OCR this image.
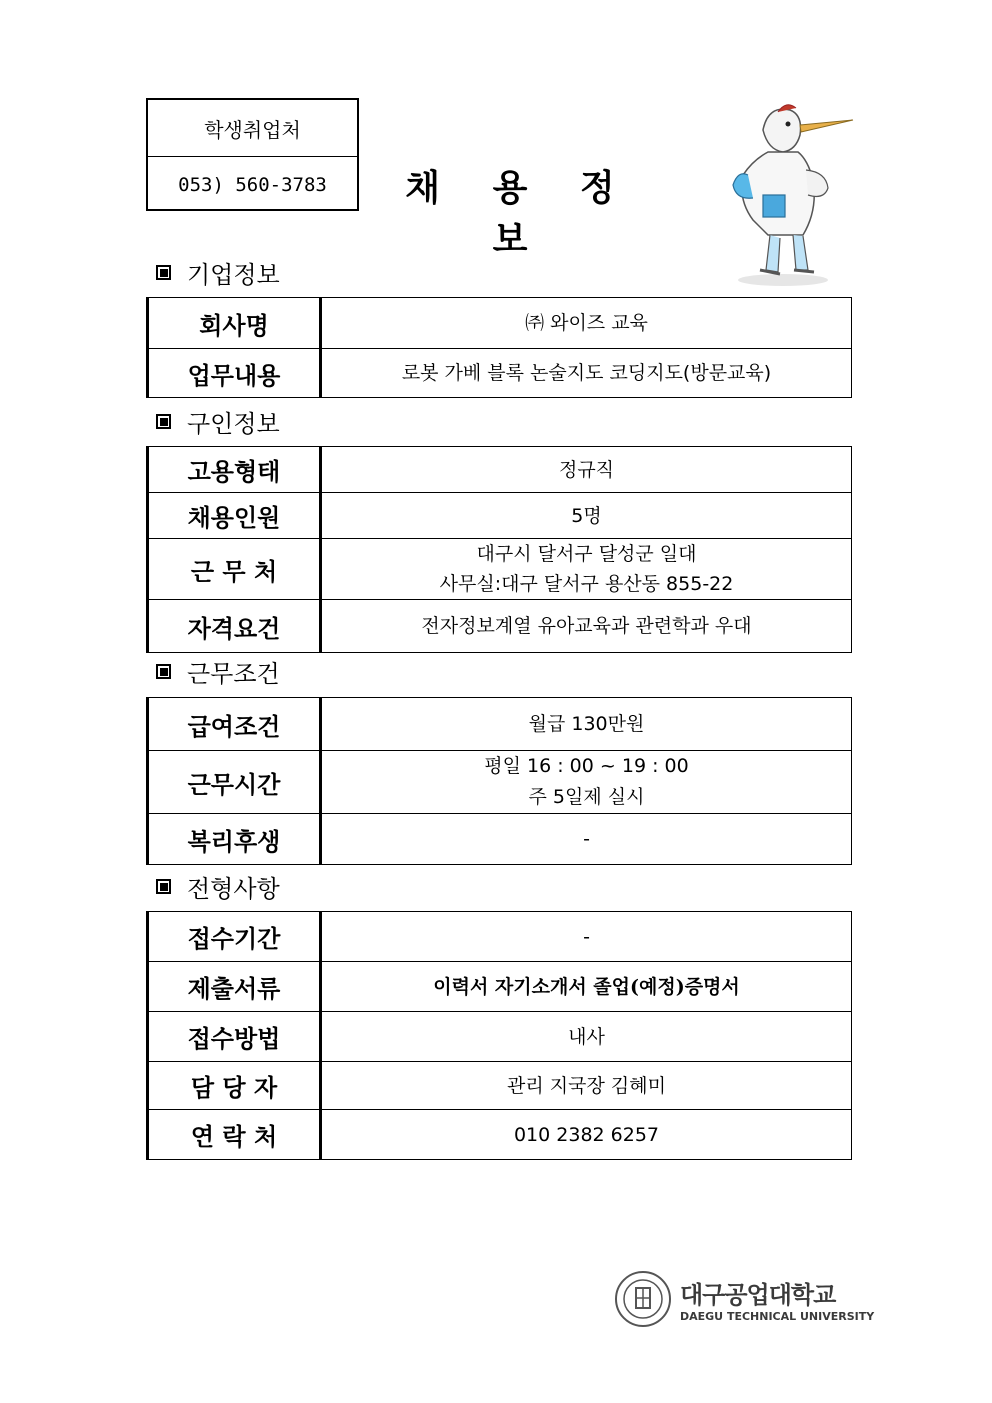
학생취업처
053) 560-3783	채 용 정 보
기업정보
회사명	㈜ 와이즈 교육
업무내용	로봇 가베 블록 논술지도 코딩지도(방문교육)
구인정보
고용형태	정규직
채용인원	5명
근 무 처	대구시 달서구 달성군 일대
사무실:대구 달서구 용산동 855-22

자격요건	전자정보계열 유아교육과 관련학과 우대
근무조건
급여조건	월급 130만원
근무시간	평일 16 : 00 ~ 19 : 00
주 5일제 실시

복리후생	-
전형사항
접수기간	-
제출서류	이력서 자기소개서 졸업(예정)증명서
접수방법	내사
담 당 자	관리 지국장 김혜미
연 락 처	010 2382 6257
대구공업대학교
DAEGU TECHNICAL UNIVERSITY
